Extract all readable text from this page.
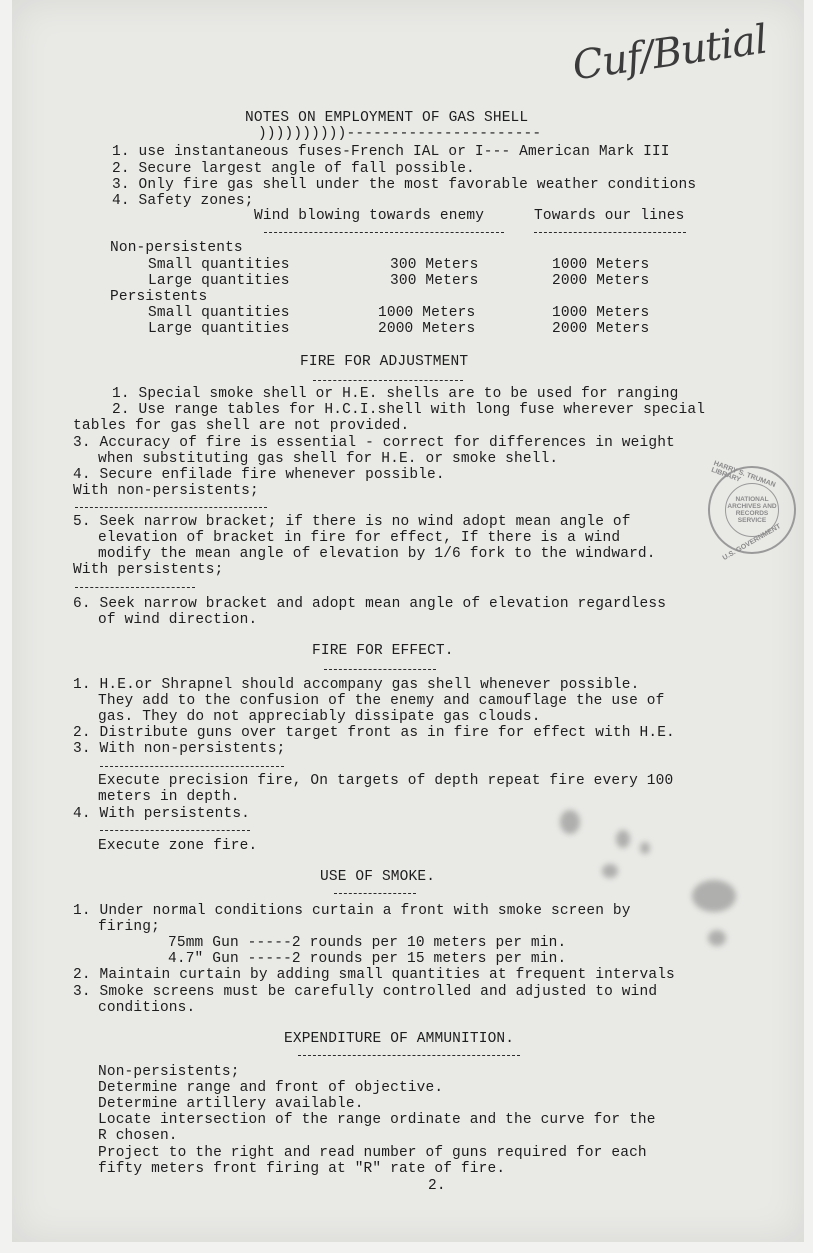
Cuf/Butial
NOTES ON EMPLOYMENT OF GAS SHELL
))))))))))----------------------
1. use instantaneous fuses-French IAL or I--- American Mark III
2. Secure largest angle of fall possible.
3. Only fire gas shell under the most favorable weather conditions
4. Safety zones;
Wind blowing towards enemy	Towards our lines
Non-persistents
Small quantities	300 Meters	1000 Meters
Large quantities	300 Meters	2000 Meters
Persistents
Small quantities	1000 Meters	1000 Meters
Large quantities	2000 Meters	2000 Meters
FIRE FOR ADJUSTMENT
1. Special smoke shell or H.E. shells are to be used for ranging
2. Use range tables for H.C.I.shell with long fuse wherever special
tables for gas shell are not provided.
3. Accuracy of fire is essential - correct for differences in weight
when substituting gas shell for H.E. or smoke shell.
4. Secure enfilade fire whenever possible.
With non-persistents;
5. Seek narrow bracket; if there is no wind adopt mean angle of
elevation of bracket in fire for effect, If there is a wind
modify the mean angle of elevation by 1/6 fork to the windward.
With persistents;
6. Seek narrow bracket and adopt mean angle of elevation regardless
of wind direction.
HARRY S. TRUMAN LIBRARY
NATIONAL
ARCHIVES AND
RECORDS
SERVICE
U.S. GOVERNMENT
FIRE FOR EFFECT.
1. H.E.or Shrapnel should accompany gas shell whenever possible.
They add to the confusion of the enemy and camouflage the use of
gas. They do not appreciably dissipate gas clouds.
2. Distribute guns over target front as in fire for effect with H.E.
3. With non-persistents;
Execute precision fire, On targets of depth repeat fire every 100
meters in depth.
4. With persistents.
Execute zone fire.
USE OF SMOKE.
1. Under normal conditions curtain a front with smoke screen by
firing;
75mm Gun -----2 rounds per 10 meters per min.
4.7" Gun -----2 rounds per 15 meters per min.
2. Maintain curtain by adding small quantities at frequent intervals
3. Smoke screens must be carefully controlled and adjusted to wind
conditions.
EXPENDITURE OF AMMUNITION.
Non-persistents;
Determine range and front of objective.
Determine artillery available.
Locate intersection of the range ordinate and the curve for the
R chosen.
Project to the right and read number of guns required for each
fifty meters front firing at "R" rate of fire.
2.
